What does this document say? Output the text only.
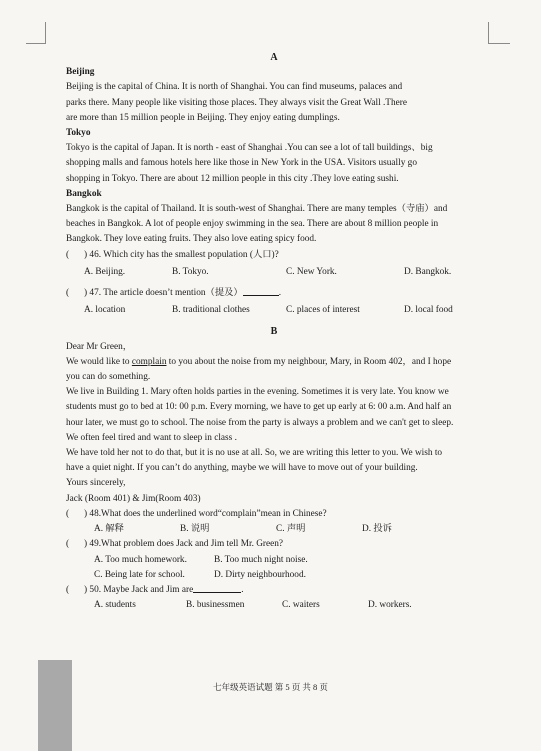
A
Beijing
Beijing is the capital of China. It is north of Shanghai. You can find museums, palaces and
parks there. Many people like visiting those places. They always visit the Great Wall .There
are more than 15 million people in Beijing. They enjoy eating dumplings.
Tokyo
Tokyo is the capital of Japan. It is north - east of Shanghai .You can see a lot of tall buildings、big
shopping malls and famous hotels here like those in New York in the USA. Visitors usually go
shopping in Tokyo. There are about 12 million people in this city .They love eating sushi.
Bangkok
Bangkok is the capital of Thailand. It is south-west of Shanghai. There are many temples（寺庙）and
beaches in Bangkok. A lot of people enjoy swimming in the sea. There are about 8 million people in
Bangkok. They love eating fruits. They also love eating spicy food.
(	) 46. Which city has the smallest population (人口)?
A. Beijing.	B. Tokyo.	C. New York.	D. Bangkok.
(	) 47. The article doesn’t mention（提及）	.
A. location	B. traditional clothes	C. places of interest	D. local food
B
Dear Mr Green，
We would like to complain to you about the noise from my neighbour, Mary, in Room 402，and I hope
you can do something.
We live in Building 1. Mary often holds parties in the evening. Sometimes it is very late. You know we
students must go to bed at 10: 00 p.m. Every morning, we have to get up early at 6: 00 a.m. And half an
hour later, we must go to school. The noise from the party is always a problem and we can't get to sleep.
We often feel tired and want to sleep in class .
We have told her not to do that, but it is no use at all. So, we are writing this letter to you. We wish to
have a quiet night. If you can’t do anything, maybe we will have to move out of your building.
Yours sincerely,
Jack (Room 401) & Jim(Room 403)
(	) 48.What does the underlined word“complain”mean in Chinese?
A. 解释	B. 说明	C. 声明	D. 投诉
(	) 49.What problem does Jack and Jim tell Mr. Green?
A. Too much homework.	B. Too much night noise.
C. Being late for school.	D. Dirty neighbourhood.
(	) 50. Maybe Jack and Jim are	.
A. students	B. businessmen	C. waiters	D. workers.
七年级英语试题 第 5 页 共 8 页
